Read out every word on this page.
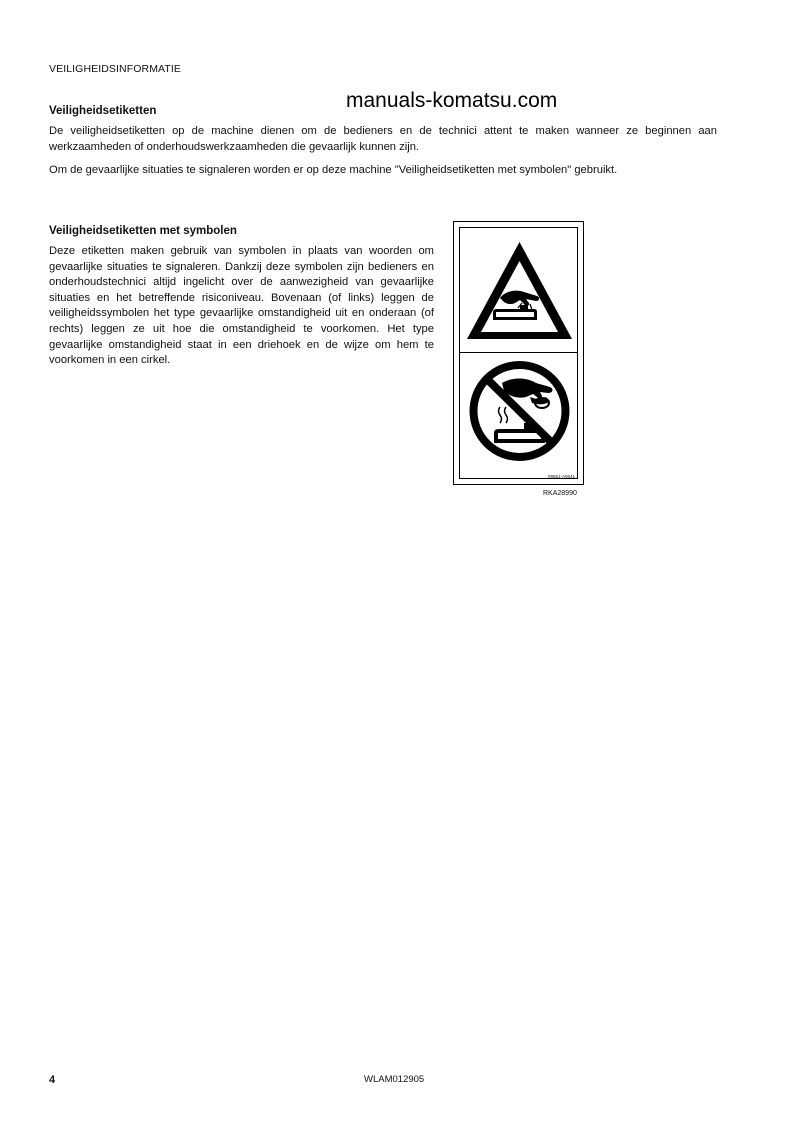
VEILIGHEIDSINFORMATIE
manuals-komatsu.com
Veiligheidsetiketten
De veiligheidsetiketten op de machine dienen om de bedieners en de technici attent te maken wanneer ze beginnen aan werkzaamheden of onderhoudswerkzaamheden die gevaarlijk kunnen zijn.
Om de gevaarlijke situaties te signaleren worden er op deze machine "Veiligheidsetiketten met symbolen" gebruikt.
Veiligheidsetiketten met symbolen
Deze etiketten maken gebruik van symbolen in plaats van woorden om gevaarlijke situaties te signaleren. Dankzij deze symbolen zijn bedieners en onderhoudstechnici altijd ingelicht over de aanwezigheid van gevaarlijke situaties en het betreffende risiconiveau. Bovenaan (of links) leggen de veiligheidssymbolen het type gevaarlijke omstandigheid uit en onderaan (of rechts) leggen ze uit hoe die omstandigheid te voorkomen. Het type gevaarlijke omstandigheid staat in een driehoek en de wijze om hem te voorkomen in een cirkel.
09651-A0641
RKA28990
4	WLAM012905
